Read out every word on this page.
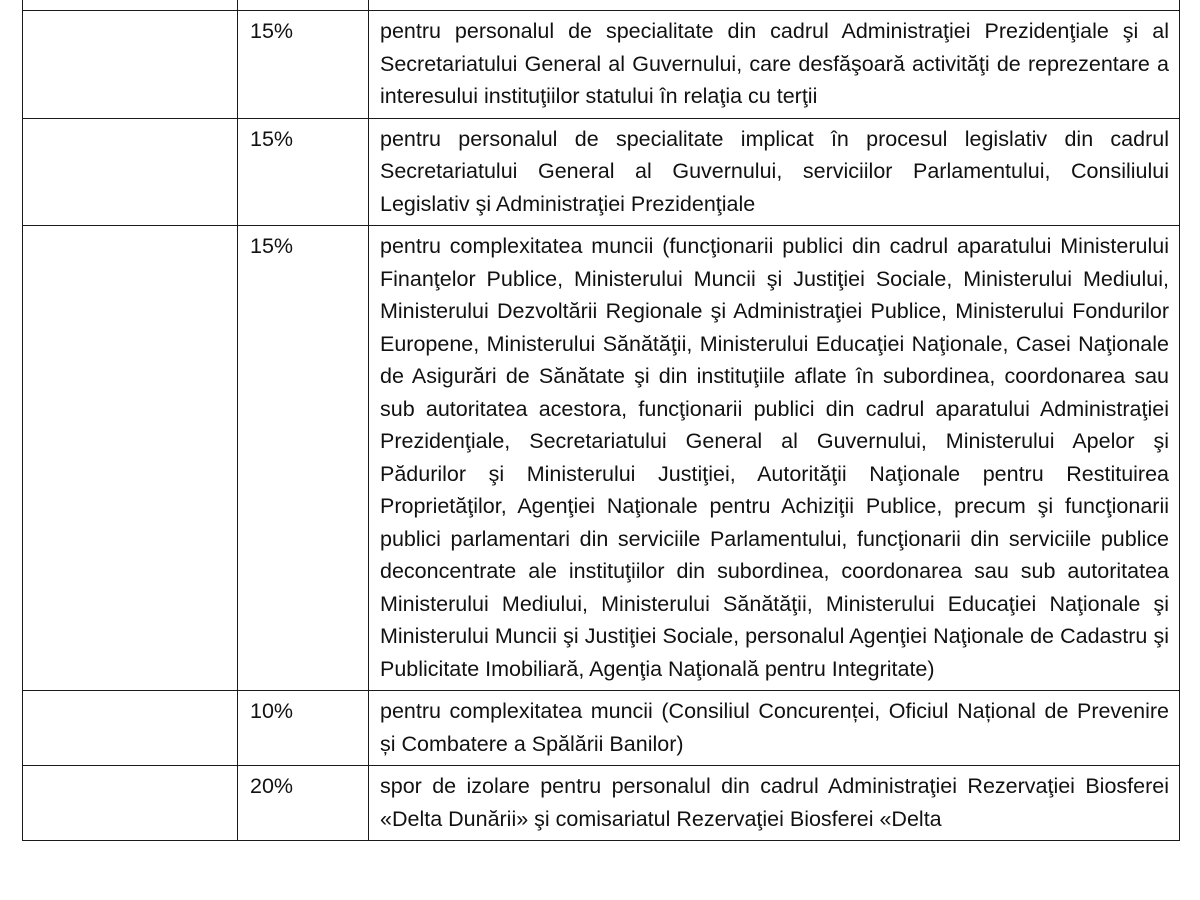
	15%	pentru personalul de specialitate din cadrul Administraţiei Prezidenţiale şi al Secretariatului General al Guvernului, care desfăşoară activităţi de reprezentare a interesului instituţiilor statului în relaţia cu terţii
	15%	pentru personalul de specialitate implicat în procesul legislativ din cadrul Secretariatului General al Guvernului, serviciilor Parlamentului, Consiliului Legislativ şi Administraţiei Prezidenţiale
	15%	pentru complexitatea muncii (funcţionarii publici din cadrul aparatului Ministerului Finanţelor Publice, Ministerului Muncii şi Justiţiei Sociale, Ministerului Mediului, Ministerului Dezvoltării Regionale şi Administraţiei Publice, Ministerului Fondurilor Europene, Ministerului Sănătăţii, Ministerului Educaţiei Naţionale, Casei Naţionale de Asigurări de Sănătate şi din instituţiile aflate în subordinea, coordonarea sau sub autoritatea acestora, funcţionarii publici din cadrul aparatului Administraţiei Prezidenţiale, Secretariatului General al Guvernului, Ministerului Apelor şi Pădurilor şi Ministerului Justiţiei, Autorităţii Naţionale pentru Restituirea Proprietăţilor, Agenţiei Naţionale pentru Achiziţii Publice, precum şi funcţionarii publici parlamentari din serviciile Parlamentului, funcţionarii din serviciile publice deconcentrate ale instituţiilor din subordinea, coordonarea sau sub autoritatea Ministerului Mediului, Ministerului Sănătăţii, Ministerului Educaţiei Naţionale şi Ministerului Muncii şi Justiţiei Sociale, personalul Agenţiei Naţionale de Cadastru şi Publicitate Imobiliară, Agenţia Naţională pentru Integritate)
	10%	pentru complexitatea muncii (Consiliul Concurenței, Oficiul Național de Prevenire și Combatere a Spălării Banilor)
	20%	spor de izolare pentru personalul din cadrul Administraţiei Rezervaţiei Biosferei «Delta Dunării» şi comisariatul Rezervaţiei Biosferei «Delta
